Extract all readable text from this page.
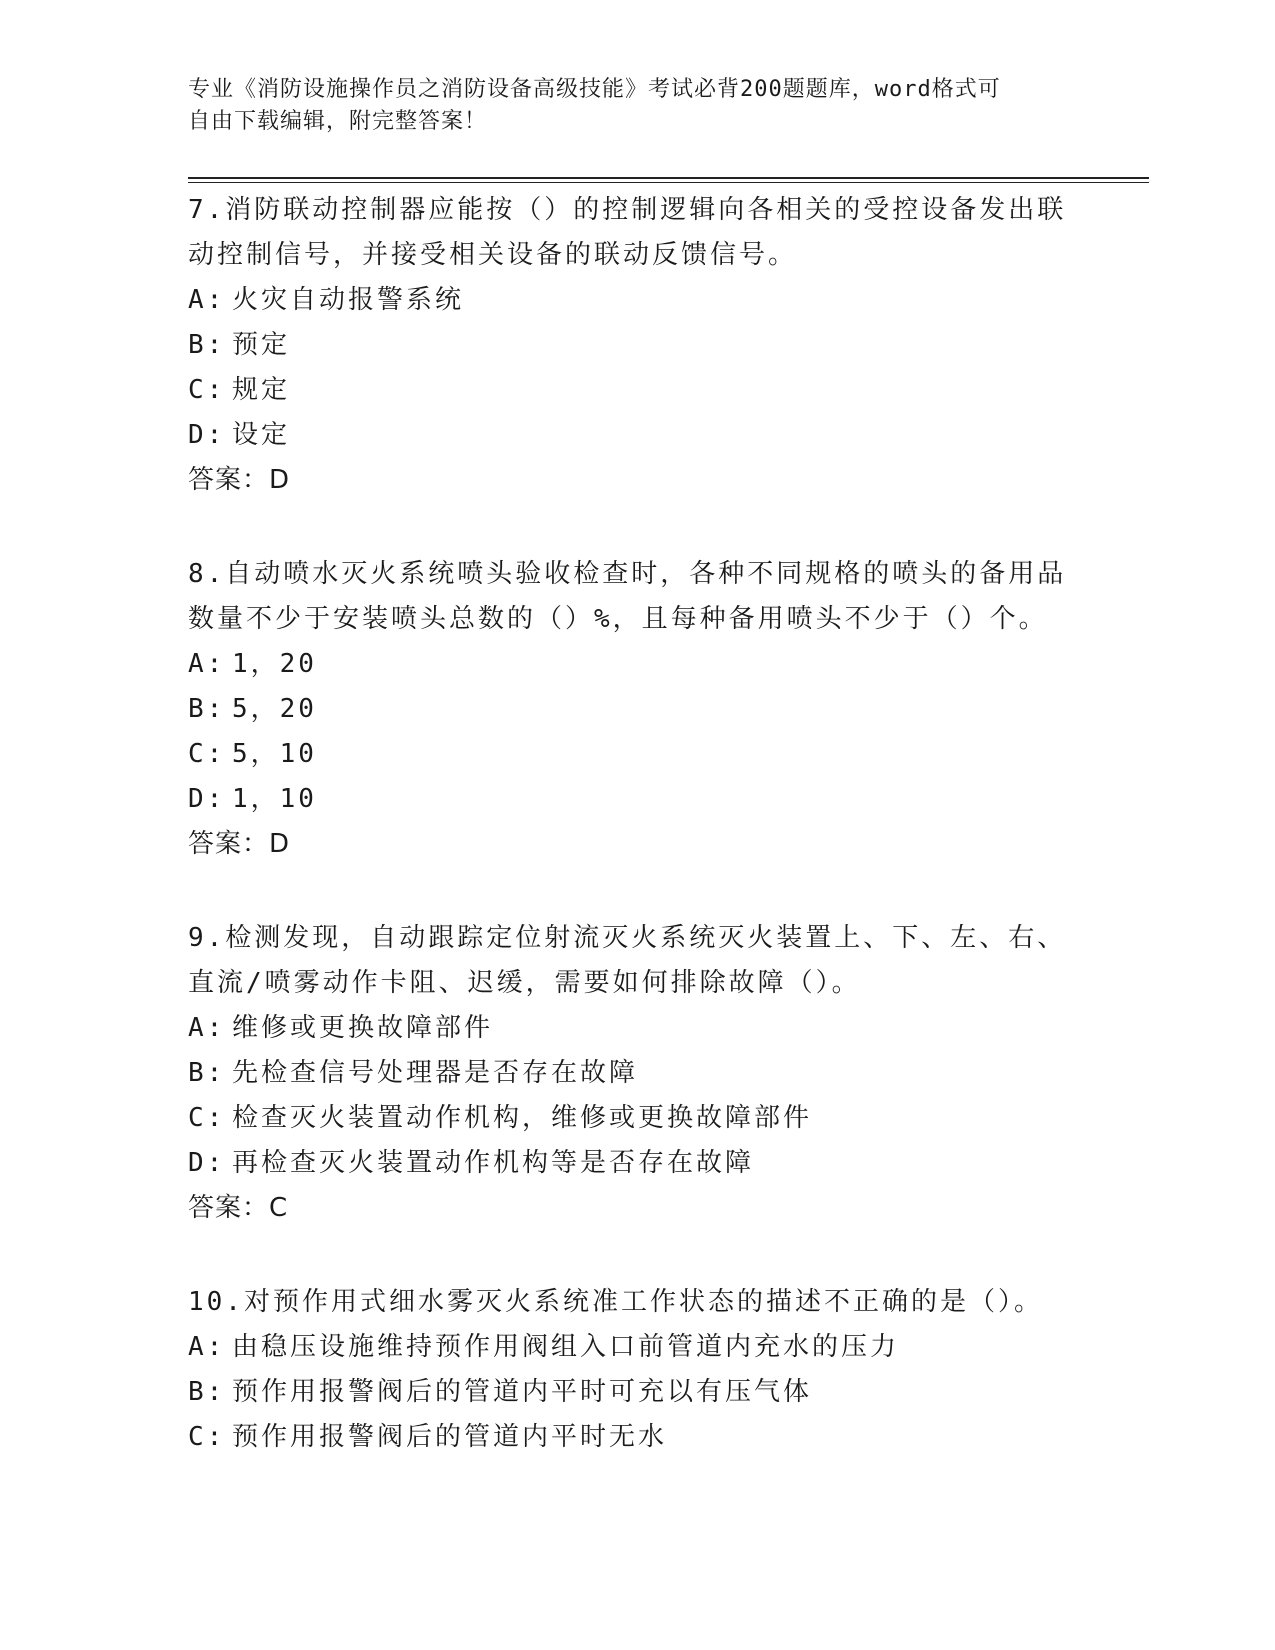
专业《消防设施操作员之消防设备高级技能》考试必背200题题库，word格式可
自由下载编辑，附完整答案！
7.消防联动控制器应能按（）的控制逻辑向各相关的受控设备发出联
动控制信号，并接受相关设备的联动反馈信号。
A: 火灾自动报警系统
B: 预定
C: 规定
D: 设定
答案：D
8.自动喷水灭火系统喷头验收检查时，各种不同规格的喷头的备用品
数量不少于安装喷头总数的（）%，且每种备用喷头不少于（）个。
A: 1，20
B: 5，20
C: 5，10
D: 1，10
答案：D
9.检测发现，自动跟踪定位射流灭火系统灭火装置上、下、左、右、
直流/喷雾动作卡阻、迟缓，需要如何排除故障（）。
A: 维修或更换故障部件
B: 先检查信号处理器是否存在故障
C: 检查灭火装置动作机构，维修或更换故障部件
D: 再检查灭火装置动作机构等是否存在故障
答案：C
10.对预作用式细水雾灭火系统准工作状态的描述不正确的是（）。
A: 由稳压设施维持预作用阀组入口前管道内充水的压力
B: 预作用报警阀后的管道内平时可充以有压气体
C: 预作用报警阀后的管道内平时无水
